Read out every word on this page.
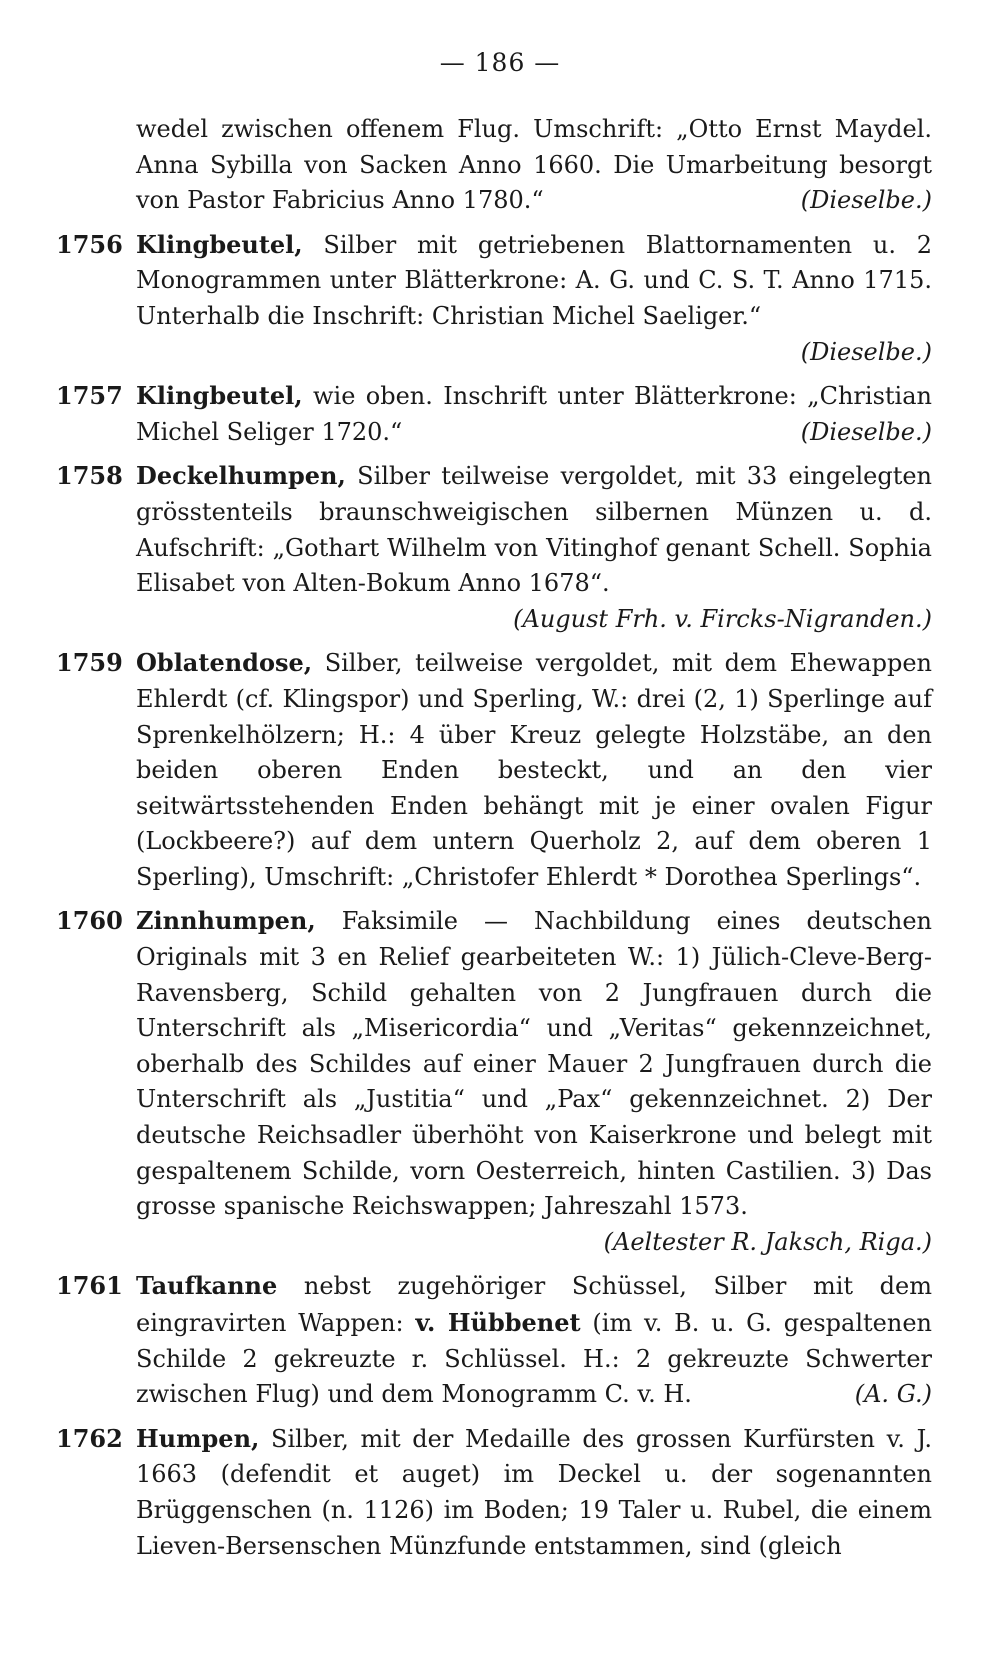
— 186 —

wedel zwischen offenem Flug. Umschrift: „Otto Ernst Maydel. Anna Sybilla von Sacken Anno 1660. Die Umarbeitung besorgt von Pastor Fabricius Anno 1780.“	(Dieselbe.)

1756 Klingbeutel, Silber mit getriebenen Blattornamenten u. 2 Monogrammen unter Blätterkrone: A. G. und C. S. T. Anno 1715. Unterhalb die Inschrift: Christian Michel Saeliger.“
(Dieselbe.)
1757 Klingbeutel, wie oben. Inschrift unter Blätterkrone: „Christian Michel Seliger 1720.“	(Dieselbe.)
1758 Deckelhumpen, Silber teilweise vergoldet, mit 33 eingelegten grösstenteils braunschweigischen silbernen Münzen u. d. Aufschrift: „Gothart Wilhelm von Vitinghof genant Schell. Sophia Elisabet von Alten-Bokum Anno 1678“.
(August Frh. v. Fircks-Nigranden.)
1759 Oblatendose, Silber, teilweise vergoldet, mit dem Ehewappen Ehlerdt (cf. Klingspor) und Sperling, W.: drei (2, 1) Sperlinge auf Sprenkelhölzern; H.: 4 über Kreuz gelegte Holzstäbe, an den beiden oberen Enden besteckt, und an den vier seitwärtsstehenden Enden behängt mit je einer ovalen Figur (Lockbeere?) auf dem untern Querholz 2, auf dem oberen 1 Sperling), Umschrift: „Christofer Ehlerdt * Dorothea Sperlings“.
1760 Zinnhumpen, Faksimile — Nachbildung eines deutschen Originals mit 3 en Relief gearbeiteten W.: 1) Jülich-Cleve-Berg-Ravensberg, Schild gehalten von 2 Jungfrauen durch die Unterschrift als „Misericordia“ und „Veritas“ gekennzeichnet, oberhalb des Schildes auf einer Mauer 2 Jungfrauen durch die Unterschrift als „Justitia“ und „Pax“ gekennzeichnet. 2) Der deutsche Reichsadler überhöht von Kaiserkrone und belegt mit gespaltenem Schilde, vorn Oesterreich, hinten Castilien. 3) Das grosse spanische Reichswappen; Jahreszahl 1573.
(Aeltester R. Jaksch, Riga.)
1761 Taufkanne nebst zugehöriger Schüssel, Silber mit dem eingravirten Wappen: v. Hübbenet (im v. B. u. G. gespaltenen Schilde 2 gekreuzte r. Schlüssel. H.: 2 gekreuzte Schwerter zwischen Flug) und dem Monogramm C. v. H.	(A. G.)
1762 Humpen, Silber, mit der Medaille des grossen Kurfürsten v. J. 1663 (defendit et auget) im Deckel u. der sogenannten Brüggenschen (n. 1126) im Boden; 19 Taler u. Rubel, die einem Lieven-Bersenschen Münzfunde entstammen, sind (gleich
